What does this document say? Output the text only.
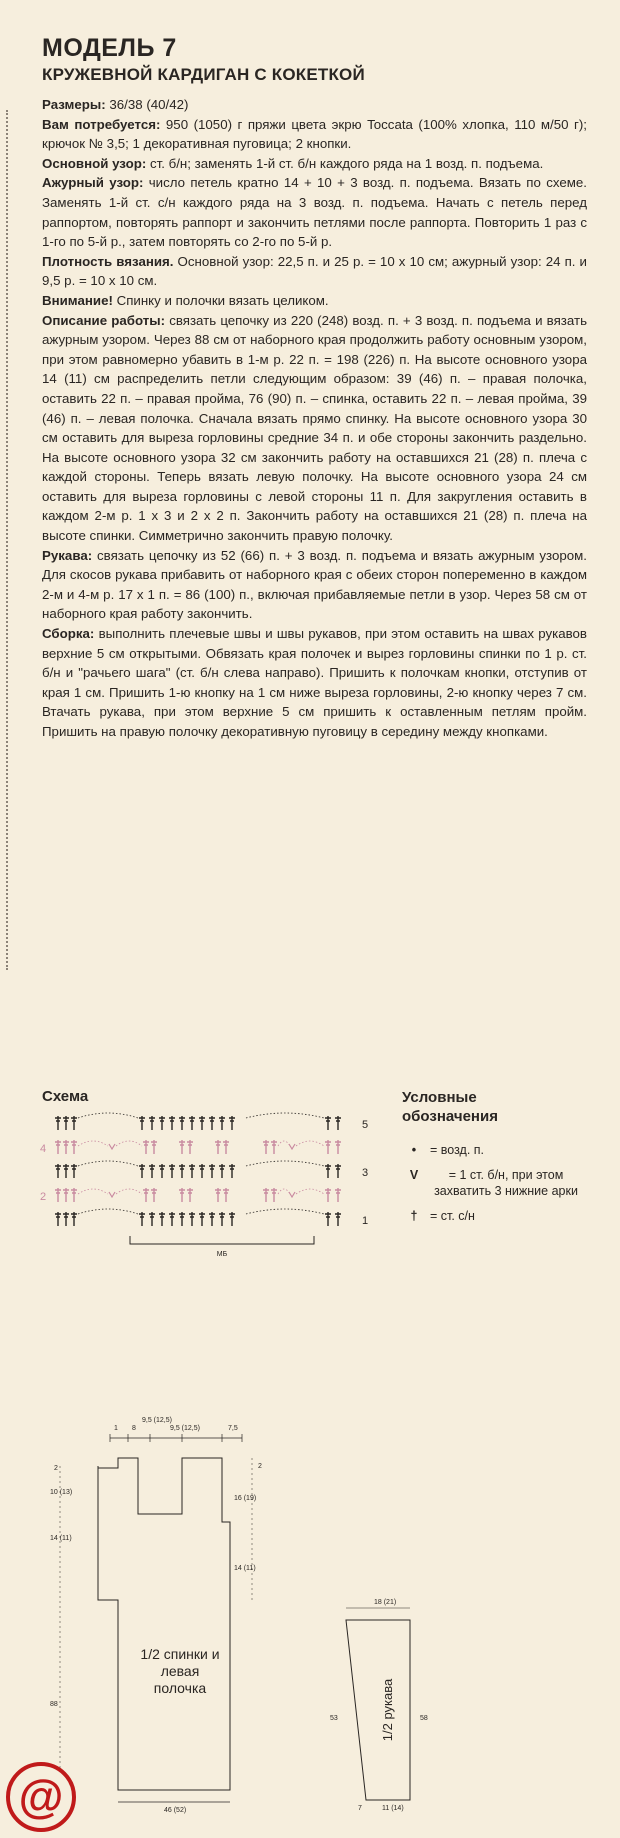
МОДЕЛЬ 7
КРУЖЕВНОЙ КАРДИГАН С КОКЕТКОЙ

Размеры: 36/38 (40/42)

Вам потребуется: 950 (1050) г пряжи цвета экрю Toccata (100% хлопка, 110 м/50 г); крючок № 3,5; 1 декоративная пуговица; 2 кнопки.

Основной узор: ст. б/н; заменять 1-й ст. б/н каждого ряда на 1 возд. п. подъема.

Ажурный узор: число петель кратно 14 + 10 + 3 возд. п. подъема. Вязать по схеме. Заменять 1-й ст. с/н каждого ряда на 3 возд. п. подъема. Начать с петель перед раппортом, повторять раппорт и закончить петлями после раппорта. Повторить 1 раз с 1-го по 5-й р., затем повторять со 2-го по 5-й р.

Плотность вязания. Основной узор: 22,5 п. и 25 р. = 10 х 10 см; ажурный узор: 24 п. и 9,5 р. = 10 х 10 см.

Внимание! Спинку и полочки вязать целиком.

Описание работы: связать цепочку из 220 (248) возд. п. + 3 возд. п. подъема и вязать ажурным узором. Через 88 см от наборного края продолжить работу основным узором, при этом равномерно убавить в 1-м р. 22 п. = 198 (226) п. На высоте основного узора 14 (11) см распределить петли следующим образом: 39 (46) п. – правая полочка, оставить 22 п. – правая пройма, 76 (90) п. – спинка, оставить 22 п. – левая пройма, 39 (46) п. – левая полочка. Сначала вязать прямо спинку. На высоте основного узора 30 см оставить для выреза горловины средние 34 п. и обе стороны закончить раздельно. На высоте основного узора 32 см закончить работу на оставшихся 21 (28) п. плеча с каждой стороны. Теперь вязать левую полочку. На высоте основного узора 24 см оставить для выреза горловины с левой стороны 11 п. Для закругления оставить в каждом 2-м р. 1 х 3 и 2 х 2 п. Закончить работу на оставшихся 21 (28) п. плеча на высоте спинки. Симметрично закончить правую полочку.

Рукава: связать цепочку из 52 (66) п. + 3 возд. п. подъема и вязать ажурным узором. Для скосов рукава прибавить от наборного края с обеих сторон попеременно в каждом 2-м и 4-м р. 17 х 1 п. = 86 (100) п., включая прибавляемые петли в узор. Через 58 см от наборного края работу закончить.

Сборка: выполнить плечевые швы и швы рукавов, при этом оставить на швах рукавов верхние 5 см открытыми. Обвязать края полочек и вырез горловины спинки по 1 р. ст. б/н и "рачьего шага" (ст. б/н слева направо). Пришить к полочкам кнопки, отступив от края 1 см. Пришить 1-ю кнопку на 1 см ниже выреза горловины, 2-ю кнопку через 7 см. Втачать рукава, при этом верхние 5 см пришить к оставленным петлям пройм. Пришить на правую полочку декоративную пуговицу в середину между кнопками.

Схема
5
4
3
2
1
МБ
Условные обозначения
•	= возд. п.
V	= 1 ст. б/н, при этом захватить 3 нижние арки
†	= ст. с/н
1 8
9,5 (12,5)
9,5 (12,5)	7,5
2
10 (13)
14 (11)
88
2
16 (19)
14 (11)
46 (52)
1/2 спинки и левая полочка
18 (21)
53	58
7	11 (14)
1/2 рукава
@
